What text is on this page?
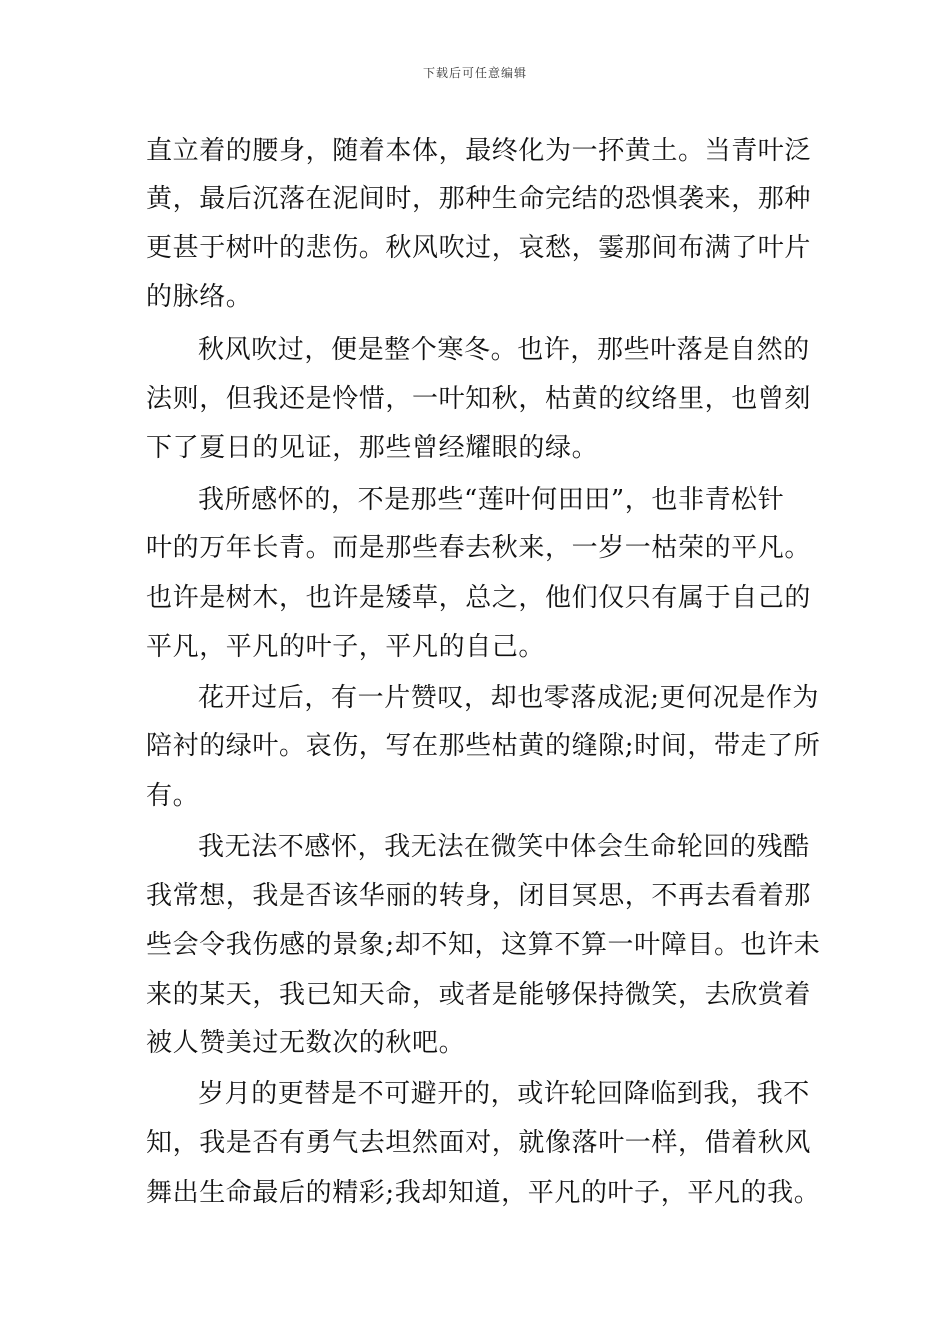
下载后可任意编辑
直立着的腰身，随着本体，最终化为一抔黄土。当青叶泛
黄，最后沉落在泥间时，那种生命完结的恐惧袭来，那种
更甚于树叶的悲伤。秋风吹过，哀愁，霎那间布满了叶片
的脉络。
秋风吹过，便是整个寒冬。也许，那些叶落是自然的
法则，但我还是怜惜，一叶知秋，枯黄的纹络里，也曾刻
下了夏日的见证，那些曾经耀眼的绿。
我所感怀的，不是那些“莲叶何田田”，也非青松针
叶的万年长青。而是那些春去秋来，一岁一枯荣的平凡。
也许是树木，也许是矮草，总之，他们仅只有属于自己的
平凡，平凡的叶子，平凡的自己。
花开过后，有一片赞叹，却也零落成泥;更何况是作为
陪衬的绿叶。哀伤，写在那些枯黄的缝隙;时间，带走了所
有。
我无法不感怀，我无法在微笑中体会生命轮回的残酷
我常想，我是否该华丽的转身，闭目冥思，不再去看着那
些会令我伤感的景象;却不知，这算不算一叶障目。也许未
来的某天，我已知天命，或者是能够保持微笑，去欣赏着
被人赞美过无数次的秋吧。
岁月的更替是不可避开的，或许轮回降临到我，我不
知，我是否有勇气去坦然面对，就像落叶一样，借着秋风
舞出生命最后的精彩;我却知道，平凡的叶子，平凡的我。
